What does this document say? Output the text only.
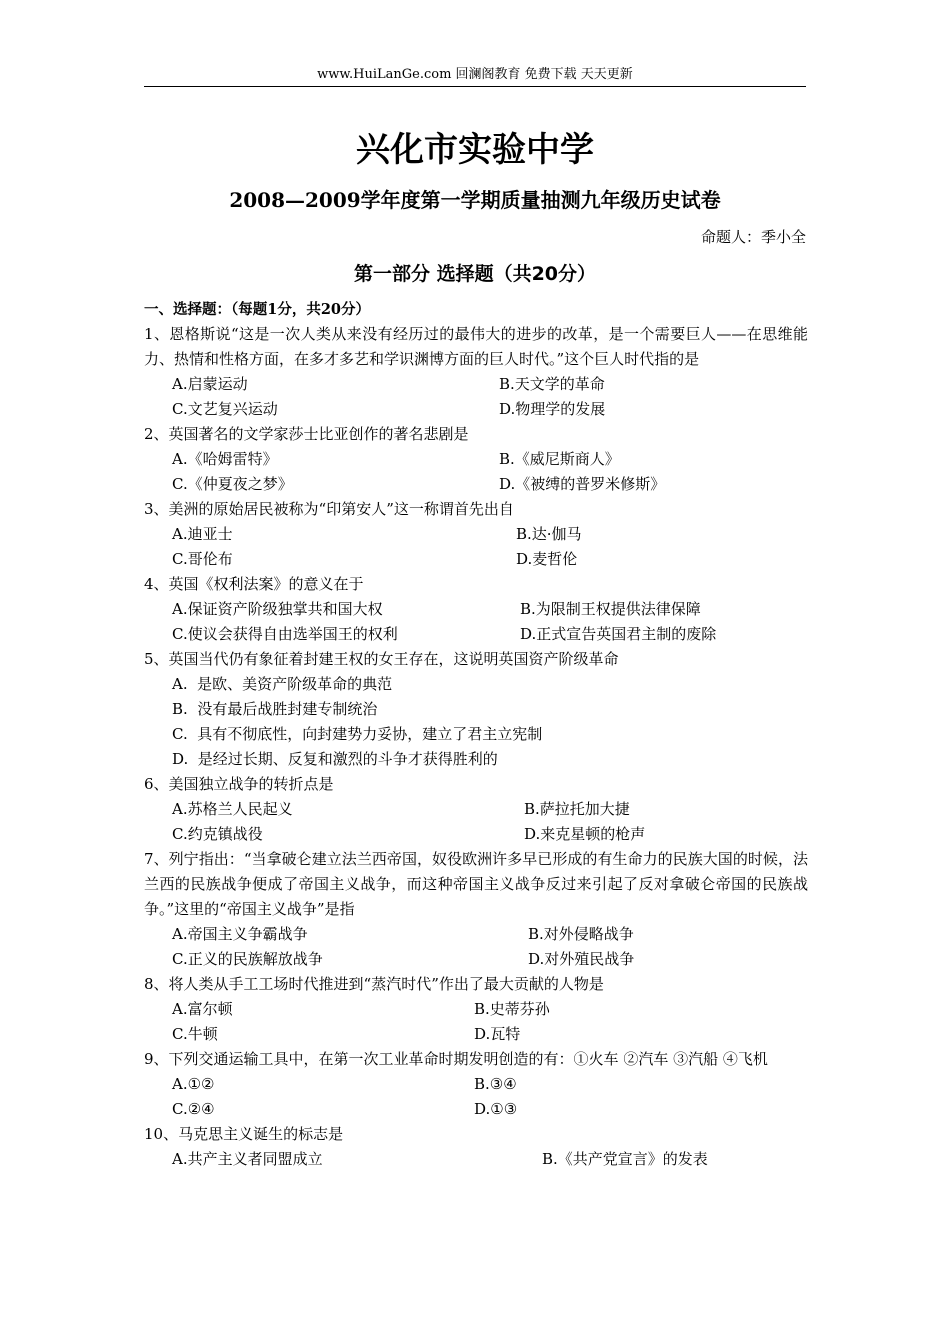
www.HuiLanGe.com 回澜阁教育 免费下载 天天更新
兴化市实验中学
2008—2009学年度第一学期质量抽测九年级历史试卷
命题人：季小全
第一部分 选择题（共20分）
一、选择题：（每题1分，共20分）
1、恩格斯说“这是一次人类从来没有经历过的最伟大的进步的改革，是一个需要巨人——在思维能力、热情和性格方面，在多才多艺和学识渊博方面的巨人时代。”这个巨人时代指的是
A.启蒙运动	B.天文学的革命
C.文艺复兴运动	D.物理学的发展
2、英国著名的文学家莎士比亚创作的著名悲剧是
A.《哈姆雷特》	B.《威尼斯商人》
C.《仲夏夜之梦》	D.《被缚的普罗米修斯》
3、美洲的原始居民被称为“印第安人”这一称谓首先出自
A.迪亚士	B.达·伽马
C.哥伦布	D.麦哲伦
4、英国《权利法案》的意义在于
A.保证资产阶级独掌共和国大权	B.为限制王权提供法律保障
C.使议会获得自由选举国王的权利	D.正式宣告英国君主制的废除
5、英国当代仍有象征着封建王权的女王存在，这说明英国资产阶级革命
A.  是欧、美资产阶级革命的典范
B.  没有最后战胜封建专制统治
C.  具有不彻底性，向封建势力妥协，建立了君主立宪制
D.  是经过长期、反复和激烈的斗争才获得胜利的
6、美国独立战争的转折点是
A.苏格兰人民起义	B.萨拉托加大捷
C.约克镇战役	D.来克星顿的枪声
7、列宁指出：“当拿破仑建立法兰西帝国，奴役欧洲许多早已形成的有生命力的民族大国的时候，法兰西的民族战争便成了帝国主义战争，而这种帝国主义战争反过来引起了反对拿破仑帝国的民族战争。”这里的“帝国主义战争”是指
A.帝国主义争霸战争	B.对外侵略战争
C.正义的民族解放战争	D.对外殖民战争
8、将人类从手工工场时代推进到“蒸汽时代”作出了最大贡献的人物是
A.富尔顿	B.史蒂芬孙
C.牛顿	D.瓦特
9、下列交通运输工具中，在第一次工业革命时期发明创造的有：①火车 ②汽车 ③汽船 ④飞机
A.①②	B.③④
C.②④	D.①③
10、马克思主义诞生的标志是
A.共产主义者同盟成立	B.《共产党宣言》的发表
